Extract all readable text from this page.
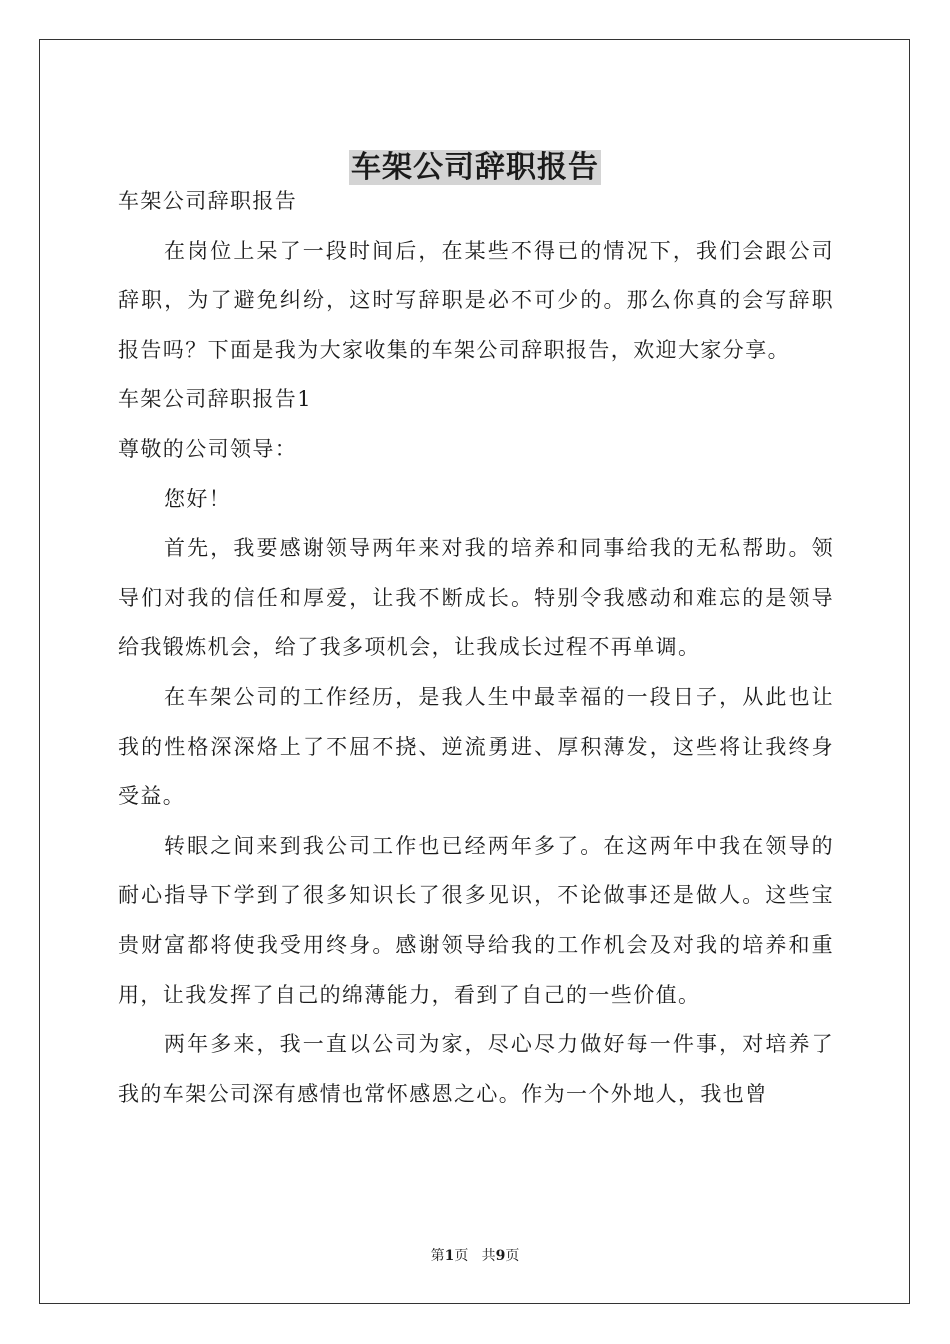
车架公司辞职报告

车架公司辞职报告

在岗位上呆了一段时间后，在某些不得已的情况下，我们会跟公司辞职，为了避免纠纷，这时写辞职是必不可少的。那么你真的会写辞职报告吗？下面是我为大家收集的车架公司辞职报告，欢迎大家分享。

车架公司辞职报告1

尊敬的公司领导：

您好！

首先，我要感谢领导两年来对我的培养和同事给我的无私帮助。领导们对我的信任和厚爱，让我不断成长。特别令我感动和难忘的是领导给我锻炼机会，给了我多项机会，让我成长过程不再单调。

在车架公司的工作经历，是我人生中最幸福的一段日子，从此也让我的性格深深烙上了不屈不挠、逆流勇进、厚积薄发，这些将让我终身受益。

转眼之间来到我公司工作也已经两年多了。在这两年中我在领导的耐心指导下学到了很多知识长了很多见识，不论做事还是做人。这些宝贵财富都将使我受用终身。感谢领导给我的工作机会及对我的培养和重用，让我发挥了自己的绵薄能力，看到了自己的一些价值。

两年多来，我一直以公司为家，尽心尽力做好每一件事，对培养了我的车架公司深有感情也常怀感恩之心。作为一个外地人，我也曾

第1页 共9页
